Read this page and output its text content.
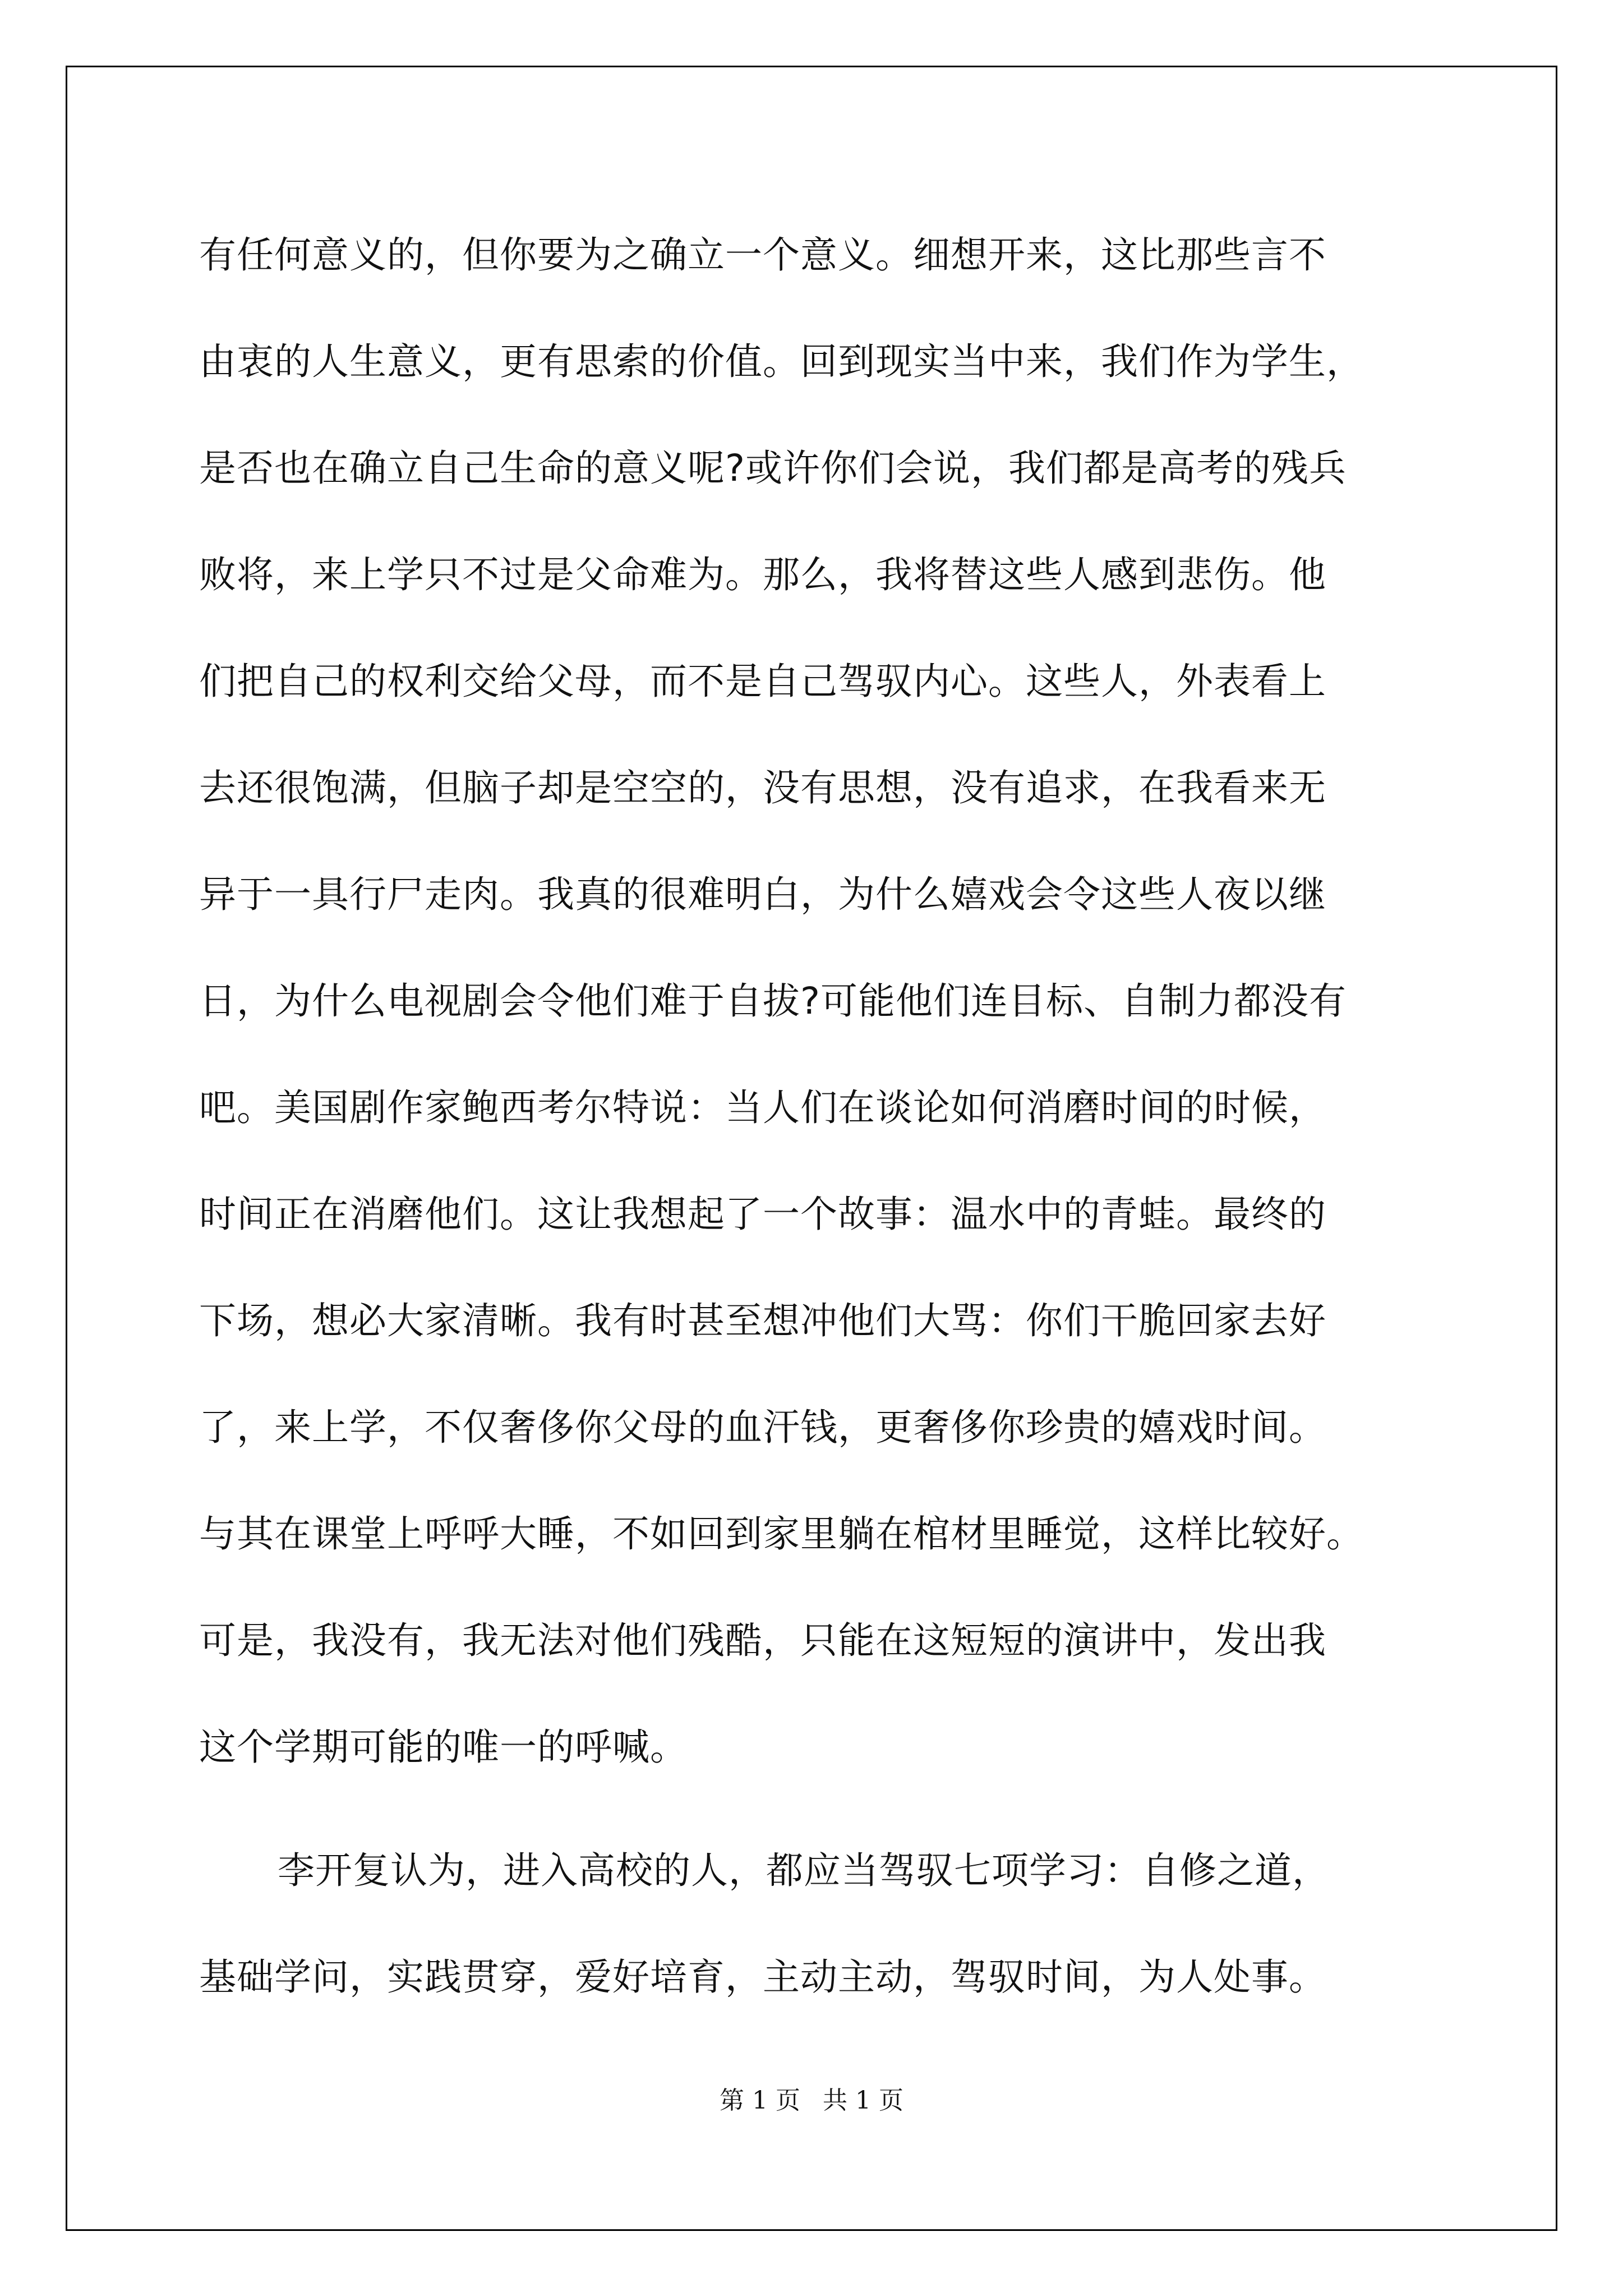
有任何意义的，但你要为之确立一个意义。细想开来，这比那些言不
由衷的人生意义，更有思索的价值。回到现实当中来，我们作为学生，
是否也在确立自己生命的意义呢?或许你们会说，我们都是高考的残兵
败将，来上学只不过是父命难为。那么，我将替这些人感到悲伤。他
们把自己的权利交给父母，而不是自己驾驭内心。这些人，外表看上
去还很饱满，但脑子却是空空的，没有思想，没有追求，在我看来无
异于一具行尸走肉。我真的很难明白，为什么嬉戏会令这些人夜以继
日，为什么电视剧会令他们难于自拔?可能他们连目标、自制力都没有
吧。美国剧作家鲍西考尔特说：当人们在谈论如何消磨时间的时候，
时间正在消磨他们。这让我想起了一个故事：温水中的青蛙。最终的
下场，想必大家清晰。我有时甚至想冲他们大骂：你们干脆回家去好
了，来上学，不仅奢侈你父母的血汗钱，更奢侈你珍贵的嬉戏时间。
与其在课堂上呼呼大睡，不如回到家里躺在棺材里睡觉，这样比较好。
可是，我没有，我无法对他们残酷，只能在这短短的演讲中，发出我
这个学期可能的唯一的呼喊。
李开复认为，进入高校的人，都应当驾驭七项学习：自修之道，
基础学问，实践贯穿，爱好培育，主动主动，驾驭时间，为人处事。
第 1 页 共 1 页
